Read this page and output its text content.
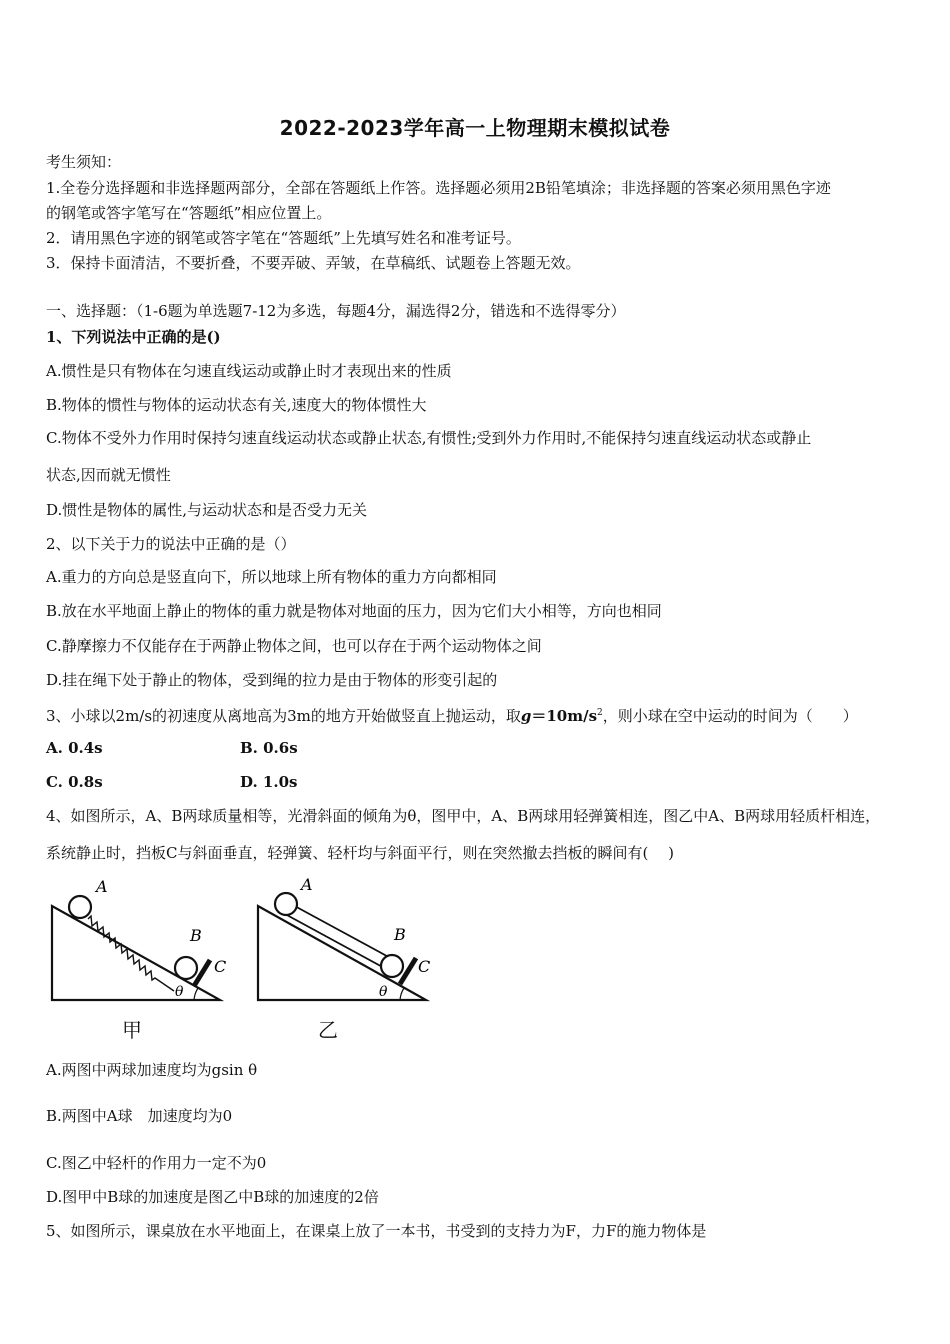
2022-2023学年高一上物理期末模拟试卷
考生须知：
1.全卷分选择题和非选择题两部分，全部在答题纸上作答。选择题必须用2B铅笔填涂；非选择题的答案必须用黑色字迹
的钢笔或答字笔写在“答题纸”相应位置上。
2．请用黑色字迹的钢笔或答字笔在“答题纸”上先填写姓名和准考证号。
3．保持卡面清洁，不要折叠，不要弄破、弄皱，在草稿纸、试题卷上答题无效。
一、选择题：（1-6题为单选题7-12为多选，每题4分，漏选得2分，错选和不选得零分）
1、下列说法中正确的是()
A.惯性是只有物体在匀速直线运动或静止时才表现出来的性质
B.物体的惯性与物体的运动状态有关,速度大的物体惯性大
C.物体不受外力作用时保持匀速直线运动状态或静止状态,有惯性;受到外力作用时,不能保持匀速直线运动状态或静止
状态,因而就无惯性
D.惯性是物体的属性,与运动状态和是否受力无关
2、以下关于力的说法中正确的是（）
A.重力的方向总是竖直向下，所以地球上所有物体的重力方向都相同
B.放在水平地面上静止的物体的重力就是物体对地面的压力，因为它们大小相等，方向也相同
C.静摩擦力不仅能存在于两静止物体之间，也可以存在于两个运动物体之间
D.挂在绳下处于静止的物体，受到绳的拉力是由于物体的形变引起的
3、小球以2m/s的初速度从离地高为3m的地方开始做竖直上抛运动，取$g=10m/s^2$，则小球在空中运动的时间为（　　）
A. 0.4s	B. 0.6s
C. 0.8s	D. 1.0s
4、如图所示，A、B两球质量相等，光滑斜面的倾角为θ，图甲中，A、B两球用轻弹簧相连，图乙中A、B两球用轻质杆相连，
系统静止时，挡板C与斜面垂直，轻弹簧、轻杆均与斜面平行，则在突然撤去挡板的瞬间有(　 )
A
B
C
θ
A
B
C
θ
甲	乙
A.两图中两球加速度均为gsin θ
B.两图中A球　加速度均为0
C.图乙中轻杆的作用力一定不为0
D.图甲中B球的加速度是图乙中B球的加速度的2倍
5、如图所示，课桌放在水平地面上，在课桌上放了一本书，书受到的支持力为F，力F的施力物体是
